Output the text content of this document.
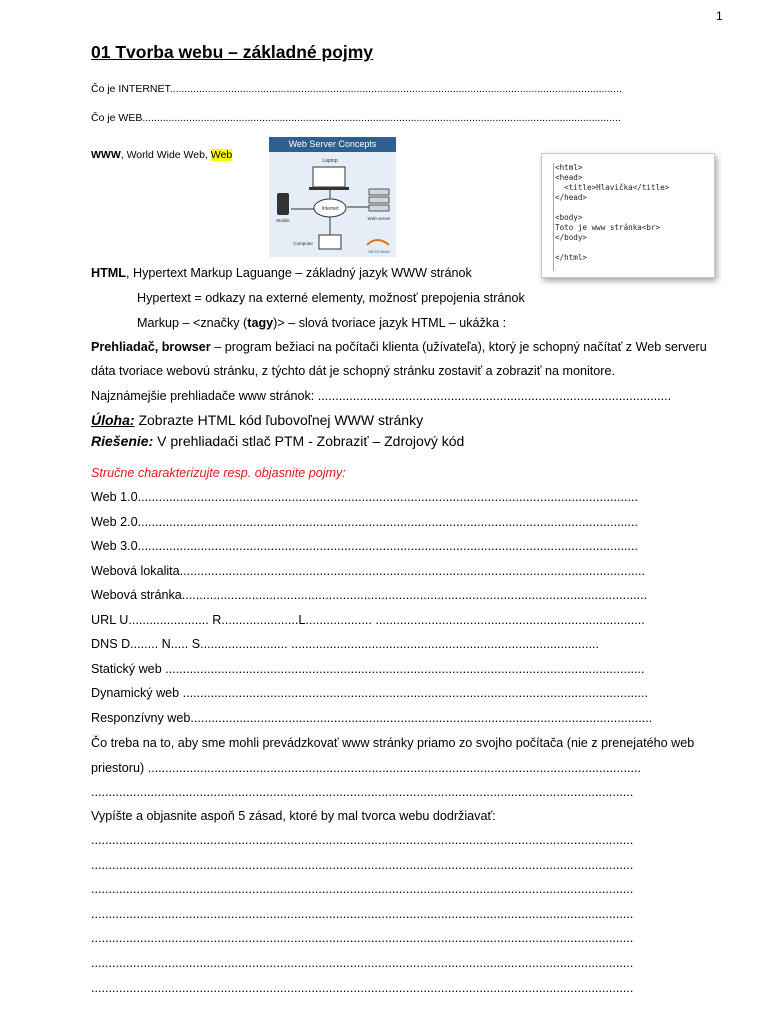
1
01 Tvorba webu – základné pojmy
Čo je INTERNET...........................................................................................................................................................
Čo je WEB....................................................................................................................................................................
WWW, World Wide Web, Web
Web Server Concepts
Laptop
Internet
Mobile	Web server
Computer
INFOCMAN
<html>
<head>
<title>Hlavička</title>
</head>
<body>
Toto je www stránka<br>
</body>
</html>
HTML, Hypertext Markup Laguange – základný jazyk WWW stránok
Hypertext = odkazy na externé elementy, možnosť prepojenia stránok
Markup – <značky (tagy)> – slová tvoriace jazyk HTML – ukážka :
Prehliadač, browser – program bežiaci na počítači klienta (užívateľa), ktorý je schopný načítať z Web serveru
dáta tvoriace webovú stránku, z týchto dát je schopný stránku zostaviť a zobraziť na monitore.
Najznámejšie prehliadače www stránok: .....................................................................................................
Úloha: Zobrazte HTML kód ľubovoľnej WWW stránky
Riešenie: V prehliadači stlač PTM - Zobraziť – Zdrojový kód
Stručne charakterizujte resp. objasnite pojmy:
Web 1.0...............................................................................................................................................
Web 2.0...............................................................................................................................................
Web 3.0...............................................................................................................................................
Webová lokalita.....................................................................................................................................
Webová stránka.....................................................................................................................................
URL U....................... R......................L................... .............................................................................
DNS D........ N..... S......................... ........................................................................................
Statický web .........................................................................................................................................
Dynamický web .....................................................................................................................................
Responzívny web....................................................................................................................................
Čo treba na to, aby sme mohli prevádzkovať www stránky priamo zo svojho počítača (nie z prenejatého web
priestoru) .............................................................................................................................................
...........................................................................................................................................................
Vypíšte a objasnite aspoň 5 zásad, ktoré by mal tvorca webu dodržiavať:
...........................................................................................................................................................
...........................................................................................................................................................
...........................................................................................................................................................
...........................................................................................................................................................
...........................................................................................................................................................
...........................................................................................................................................................
...........................................................................................................................................................
